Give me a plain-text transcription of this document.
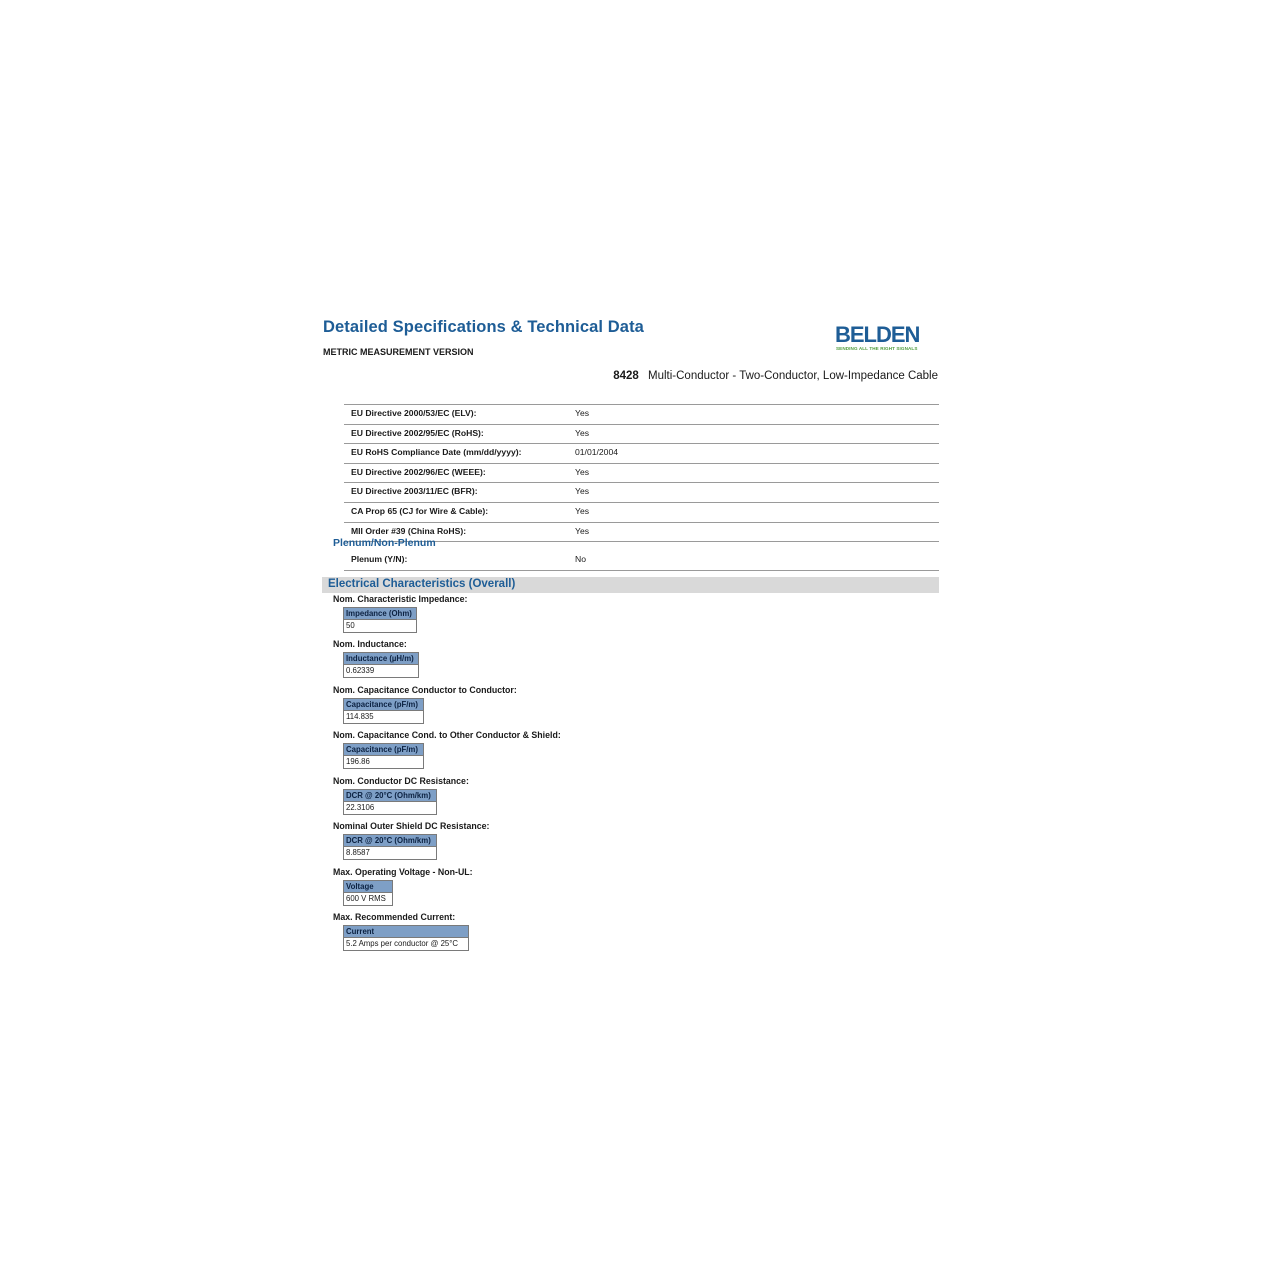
Detailed Specifications & Technical Data
METRIC MEASUREMENT VERSION
BELDEN
SENDING ALL THE RIGHT SIGNALS
8428 Multi-Conductor - Two-Conductor, Low-Impedance Cable
EU Directive 2000/53/EC (ELV):	Yes
EU Directive 2002/95/EC (RoHS):	Yes
EU RoHS Compliance Date (mm/dd/yyyy):	01/01/2004
EU Directive 2002/96/EC (WEEE):	Yes
EU Directive 2003/11/EC (BFR):	Yes
CA Prop 65 (CJ for Wire & Cable):	Yes
MII Order #39 (China RoHS):	Yes
Plenum/Non-Plenum
Plenum (Y/N):	No
Electrical Characteristics (Overall)
Nom. Characteristic Impedance:
Impedance (Ohm)
50
Nom. Inductance:
Inductance (µH/m)
0.62339
Nom. Capacitance Conductor to Conductor:
Capacitance (pF/m)
114.835
Nom. Capacitance Cond. to Other Conductor & Shield:
Capacitance (pF/m)
196.86
Nom. Conductor DC Resistance:
DCR @ 20°C (Ohm/km)
22.3106
Nominal Outer Shield DC Resistance:
DCR @ 20°C (Ohm/km)
8.8587
Max. Operating Voltage - Non-UL:
Voltage
600 V RMS
Max. Recommended Current:
Current
5.2 Amps per conductor @ 25°C
